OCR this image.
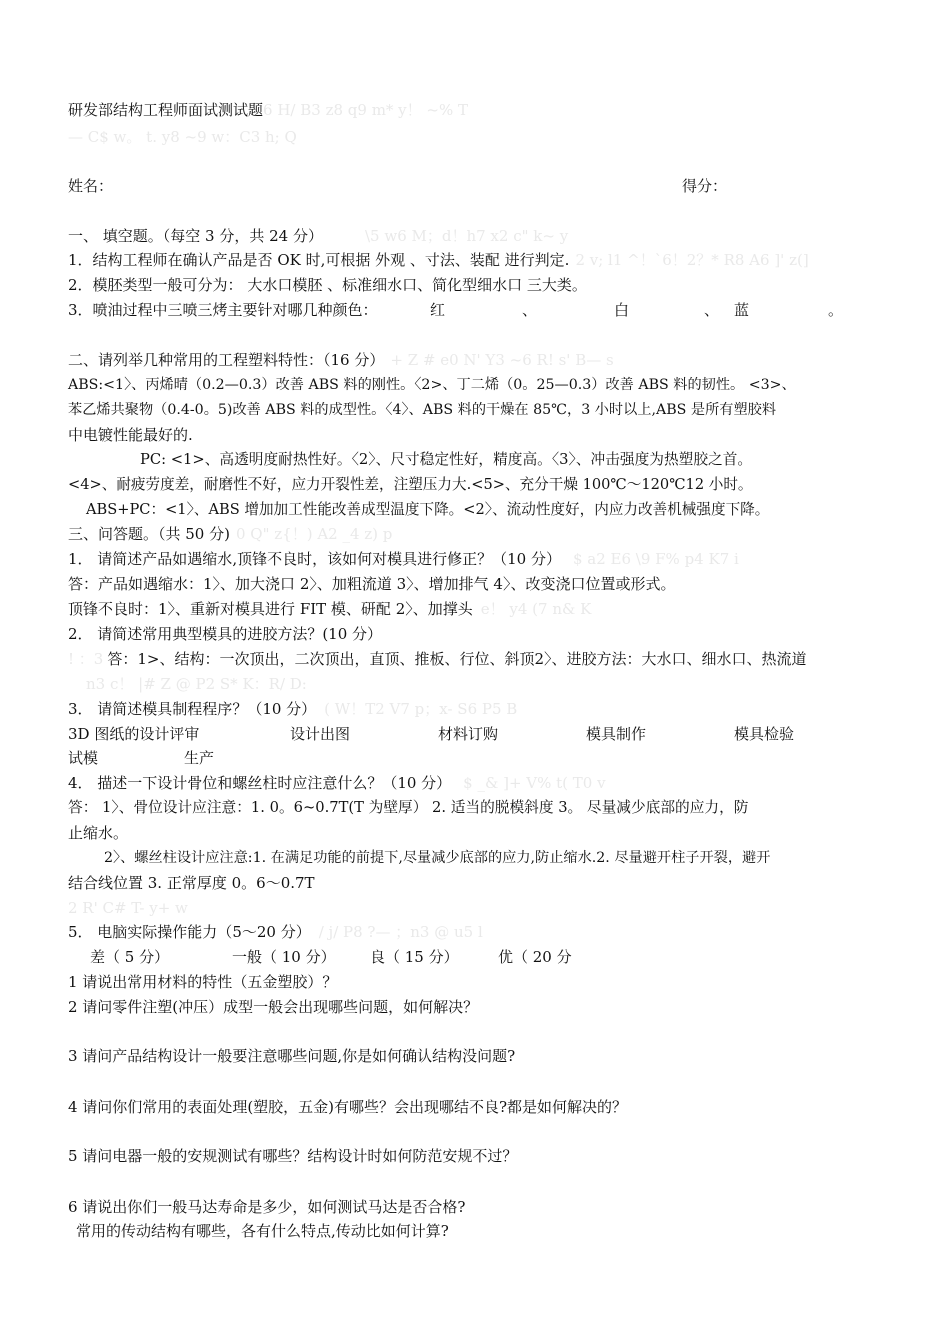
研发部结构工程师面试测试题6 H/ B3 z8 q9 m* y！ ~% T
— C$ w。 t. y8 ~9 w：C3 h; Q
姓名：	得分：
一、 填空题。（每空 3 分，共 24 分）	\5 w6 M；d！h7 x2 c" k~ y
1．结构工程师在确认产品是否 OK 时,可根据 外观 、寸法、装配 进行判定. 2 v; l1 ^！`6！2？* R8 A6 ]' z(]
2．模胚类型一般可分为： 大水口模胚 、标准细水口、简化型细水口 三大类。
3．喷油过程中三喷三烤主要针对哪几种颜色：	红	、	白	、 蓝	。
二、请列举几种常用的工程塑料特性：（16 分） + Z # e0 N' Y3 ~6 R! s' B— s
ABS:<1〉、丙烯晴（0.2—0.3）改善 ABS 料的刚性。〈2>、丁二烯（0。25—0.3）改善 ABS 料的韧性。 <3>、
苯乙烯共聚物（0.4-0。5)改善 ABS 料的成型性。〈4〉、ABS 料的干燥在 85℃，3 小时以上,ABS 是所有塑胶料
中电镀性能最好的.
PC: <1>、高透明度耐热性好。〈2〉、尺寸稳定性好，精度高。〈3〉、冲击强度为热塑胶之首。
<4>、耐疲劳度差，耐磨性不好，应力开裂性差，注塑压力大.<5>、充分干燥 100℃～120℃12 小时。
ABS+PC：<1〉、ABS 增加加工性能改善成型温度下降。<2〉、流动性度好，内应力改善机械强度下降。
三、问答题。（共 50 分) 0 Q" z{！) A2 _4 z) p
1． 请简述产品如遇缩水,顶锋不良时，该如何对模具进行修正？（10 分） $ a2 E6 \9 F% p4 K7 i
答：产品如遇缩水：1〉、加大浇口 2〉、加粗流道 3〉、增加排气 4〉、改变浇口位置或形式。
顶锋不良时：1〉、重新对模具进行 FIT 模、研配 2〉、加撑头 e！ y4 (7 n& K
2． 请简述常用典型模具的进胶方法？(10 分）
! ：3 答：1>、结构：一次顶出，二次顶出，直顶、推板、行位、斜顶2〉、进胶方法：大水口、细水口、热流道
n3 c！ |# Z @ P2 S* K：R/ D:
3． 请简述模具制程程序？（10 分） ( W！T2 V7 p；x- S6 P5 B
3D 图纸的设计评审	设计出图	材料订购	模具制作	模具检验
试模	生产
4． 描述一下设计骨位和螺丝柱时应注意什么？（10 分） $ _& ]+ V% t( T0 v
答： 1〉、骨位设计应注意：1. 0。6~0.7T(T 为壁厚） 2. 适当的脱模斜度 3。 尽量减少底部的应力，防
止缩水。
2〉、螺丝柱设计应注意:1. 在满足功能的前提下,尽量减少底部的应力,防止缩水.2. 尽量避开柱子开裂，避开
结合线位置 3. 正常厚度 0。6～0.7T
2 R' C# T- y+ w
5． 电脑实际操作能力（5～20 分） / j/ P8 ?— ；n3 @ u5 l
差（ 5 分）	一般（ 10 分） 良（ 15 分）	优（ 20 分
1 请说出常用材料的特性（五金塑胶）？
2 请问零件注塑(冲压）成型一般会出现哪些问题，如何解决？
3 请问产品结构设计一般要注意哪些问题,你是如何确认结构没问题?
4 请问你们常用的表面处理(塑胶，五金)有哪些？会出现哪结不良?都是如何解决的？
5 请问电器一般的安规测试有哪些？结构设计时如何防范安规不过？
6 请说出你们一般马达寿命是多少，如何测试马达是否合格?
常用的传动结构有哪些，各有什么特点,传动比如何计算?
